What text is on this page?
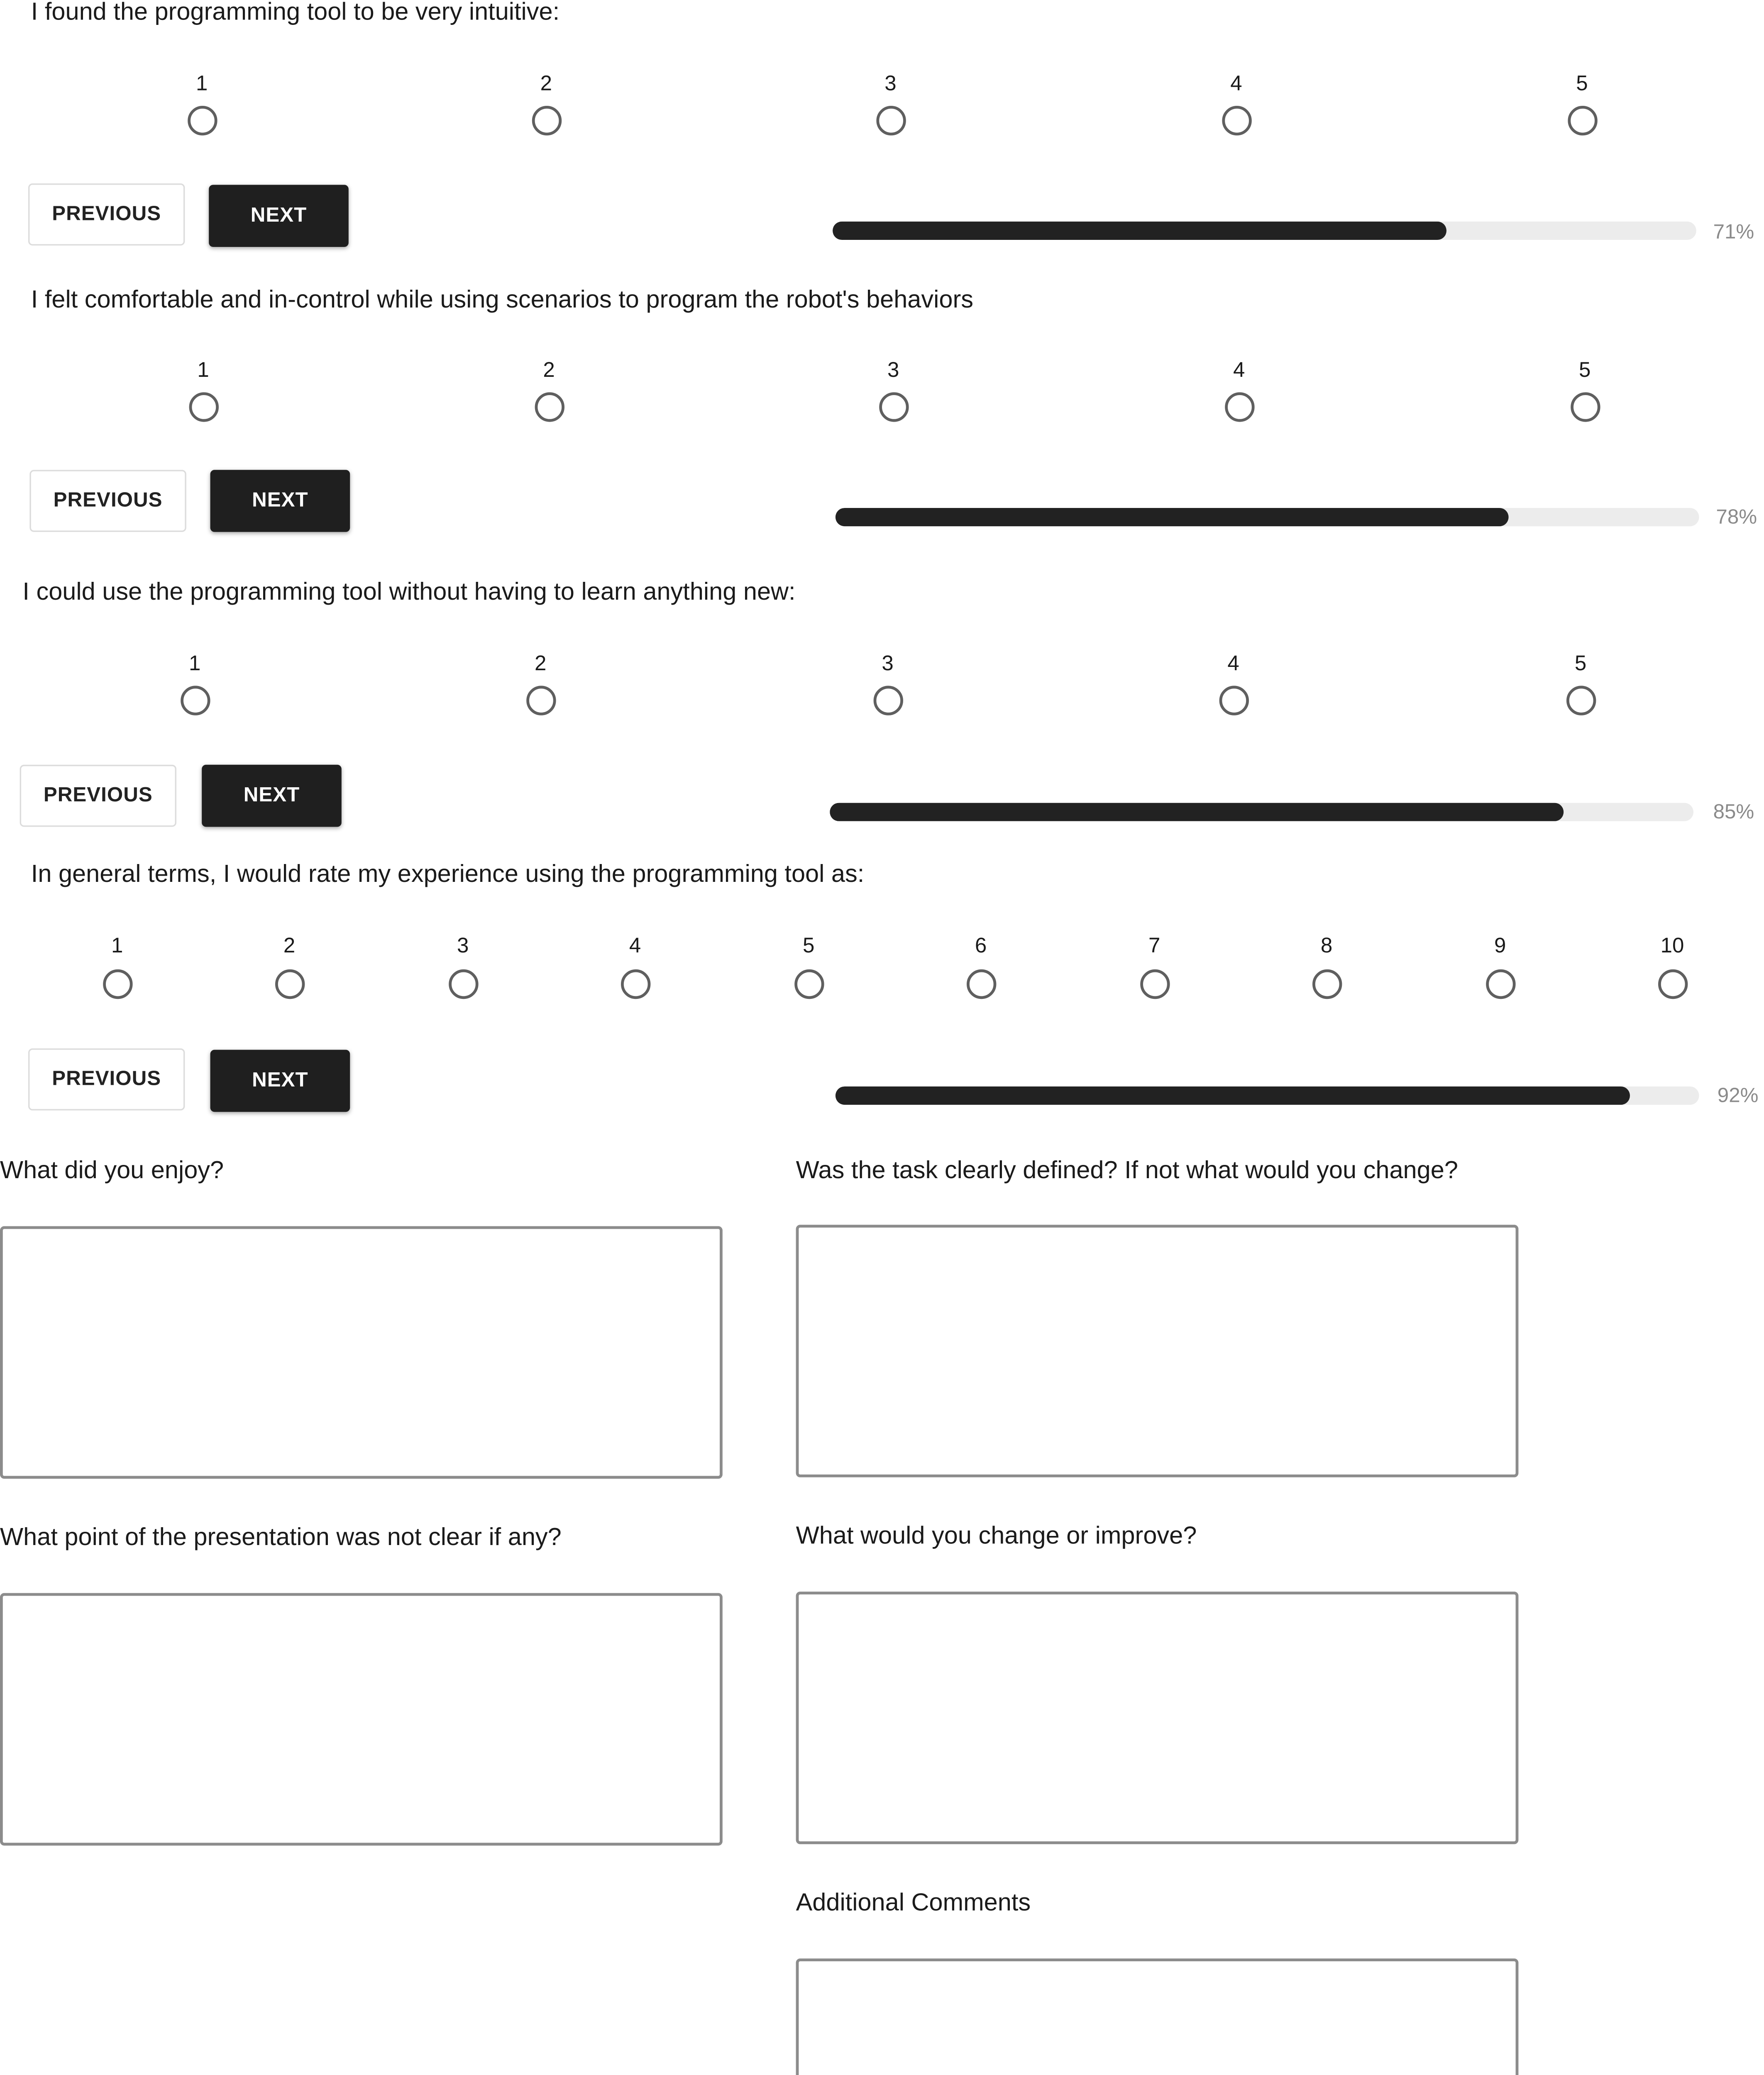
I found the programming tool to be very intuitive:
1	2	3	4	5
PREVIOUS	NEXT
71%
I felt comfortable and in-control while using scenarios to program the robot's behaviors
1	2	3	4	5
PREVIOUS	NEXT
78%
I could use the programming tool without having to learn anything new:
1	2	3	4	5
PREVIOUS	NEXT
85%
In general terms, I would rate my experience using the programming tool as:
1	2	3	4	5	6	7	8	9	10
PREVIOUS	NEXT
92%
What did you enjoy?	Was the task clearly defined? If not what would you change?
What point of the presentation was not clear if any?	What would you change or improve?
Additional Comments
